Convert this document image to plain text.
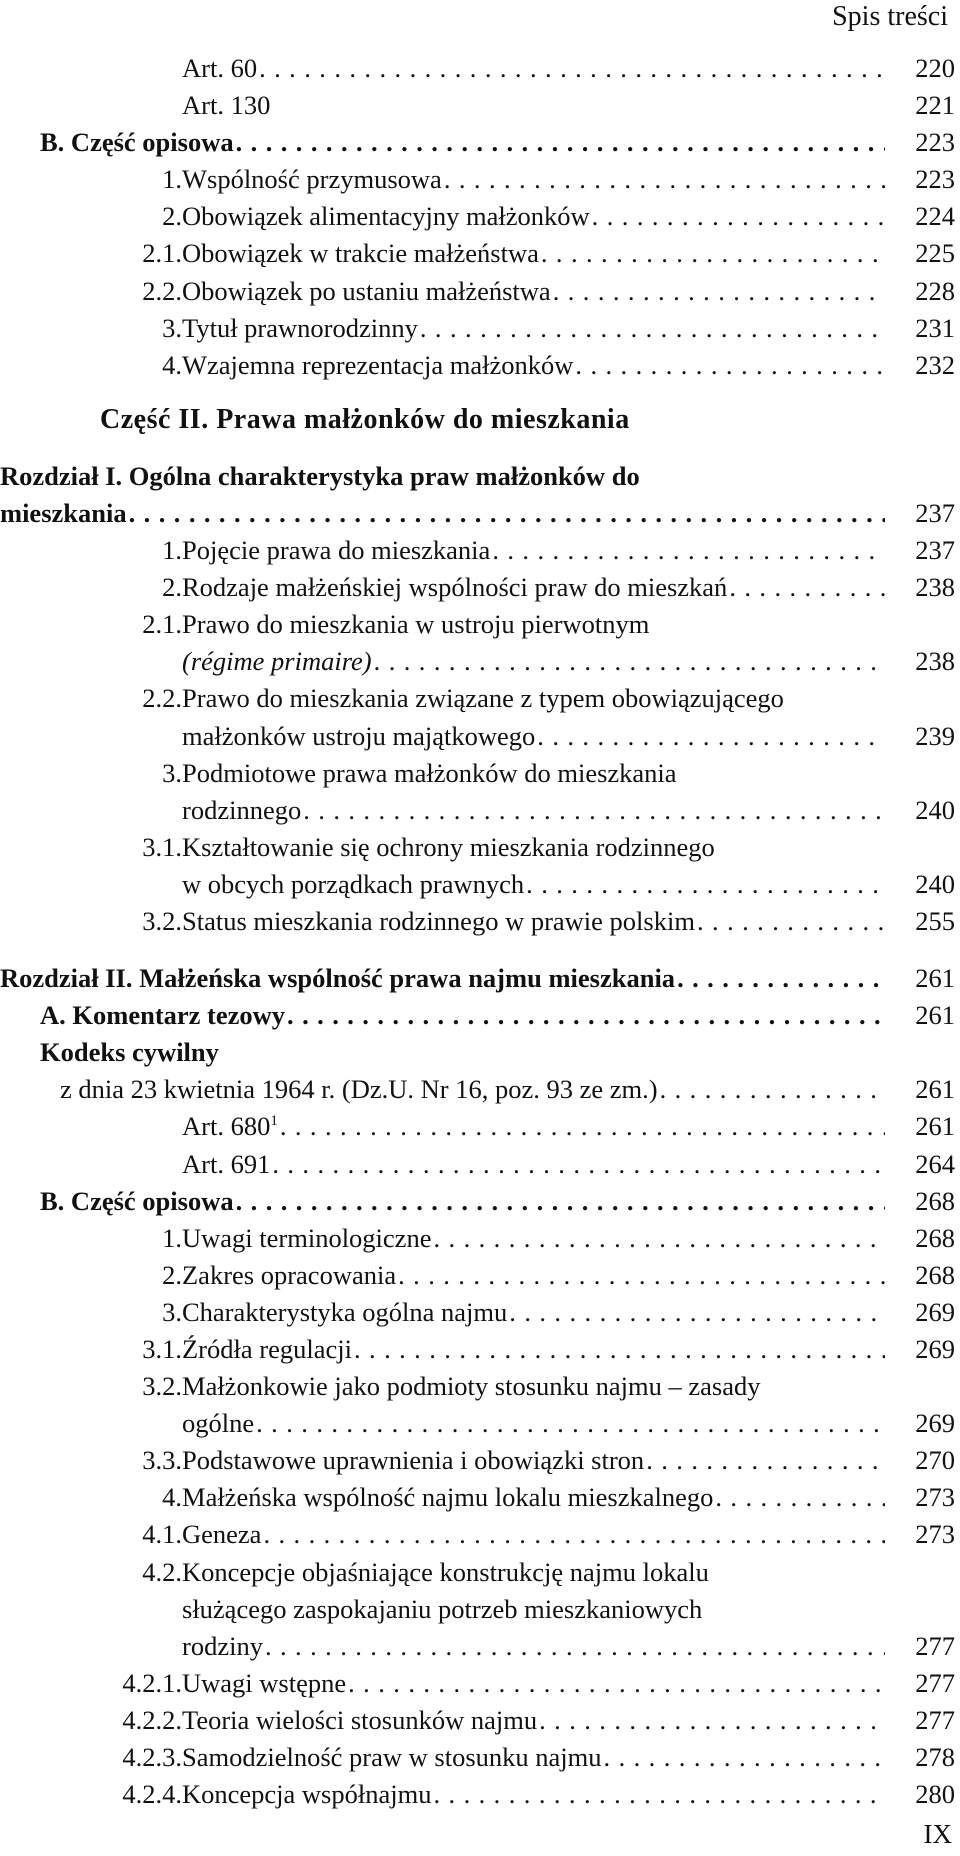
Spis treści
Art. 60 . . .	220
Art. 130	221
B. Część opisowa . . .	223
1. Wspólność przymusowa . . .	223
2. Obowiązek alimentacyjny małżonków . . .	224
2.1. Obowiązek w trakcie małżeństwa . . .	225
2.2. Obowiązek po ustaniu małżeństwa . . .	228
3. Tytuł prawnorodzinny . . .	231
4. Wzajemna reprezentacja małżonków . . .	232
Część II. Prawa małżonków do mieszkania
Rozdział I. Ogólna charakterystyka praw małżonków do
mieszkania . . .	237
1. Pojęcie prawa do mieszkania . . .	237
2. Rodzaje małżeńskiej wspólności praw do mieszkań . . .	238
2.1. Prawo do mieszkania w ustroju pierwotnym
(régime primaire) . . .	238
2.2. Prawo do mieszkania związane z typem obowiązującego
małżonków ustroju majątkowego . . .	239
3. Podmiotowe prawa małżonków do mieszkania
rodzinnego . . .	240
3.1. Kształtowanie się ochrony mieszkania rodzinnego
w obcych porządkach prawnych . . .	240
3.2. Status mieszkania rodzinnego w prawie polskim . . .	255
Rozdział II. Małżeńska wspólność prawa najmu mieszkania . . .	261
A. Komentarz tezowy . . .	261
Kodeks cywilny
z dnia 23 kwietnia 1964 r. (Dz.U. Nr 16, poz. 93 ze zm.) . . .	261
Art. $680^1$ . . .	261
Art. 691 . . .	264
B. Część opisowa . . .	268
1. Uwagi terminologiczne . . .	268
2. Zakres opracowania . . .	268
3. Charakterystyka ogólna najmu . . .	269
3.1. Źródła regulacji . . .	269
3.2. Małżonkowie jako podmioty stosunku najmu – zasady
ogólne . . .	269
3.3. Podstawowe uprawnienia i obowiązki stron . . .	270
4. Małżeńska wspólność najmu lokalu mieszkalnego . . .	273
4.1. Geneza . . .	273
4.2. Koncepcje objaśniające konstrukcję najmu lokalu
służącego zaspokajaniu potrzeb mieszkaniowych
rodziny . . .	277
4.2.1. Uwagi wstępne . . .	277
4.2.2. Teoria wielości stosunków najmu . . .	277
4.2.3. Samodzielność praw w stosunku najmu . . .	278
4.2.4. Koncepcja współnajmu . . .	280
IX
